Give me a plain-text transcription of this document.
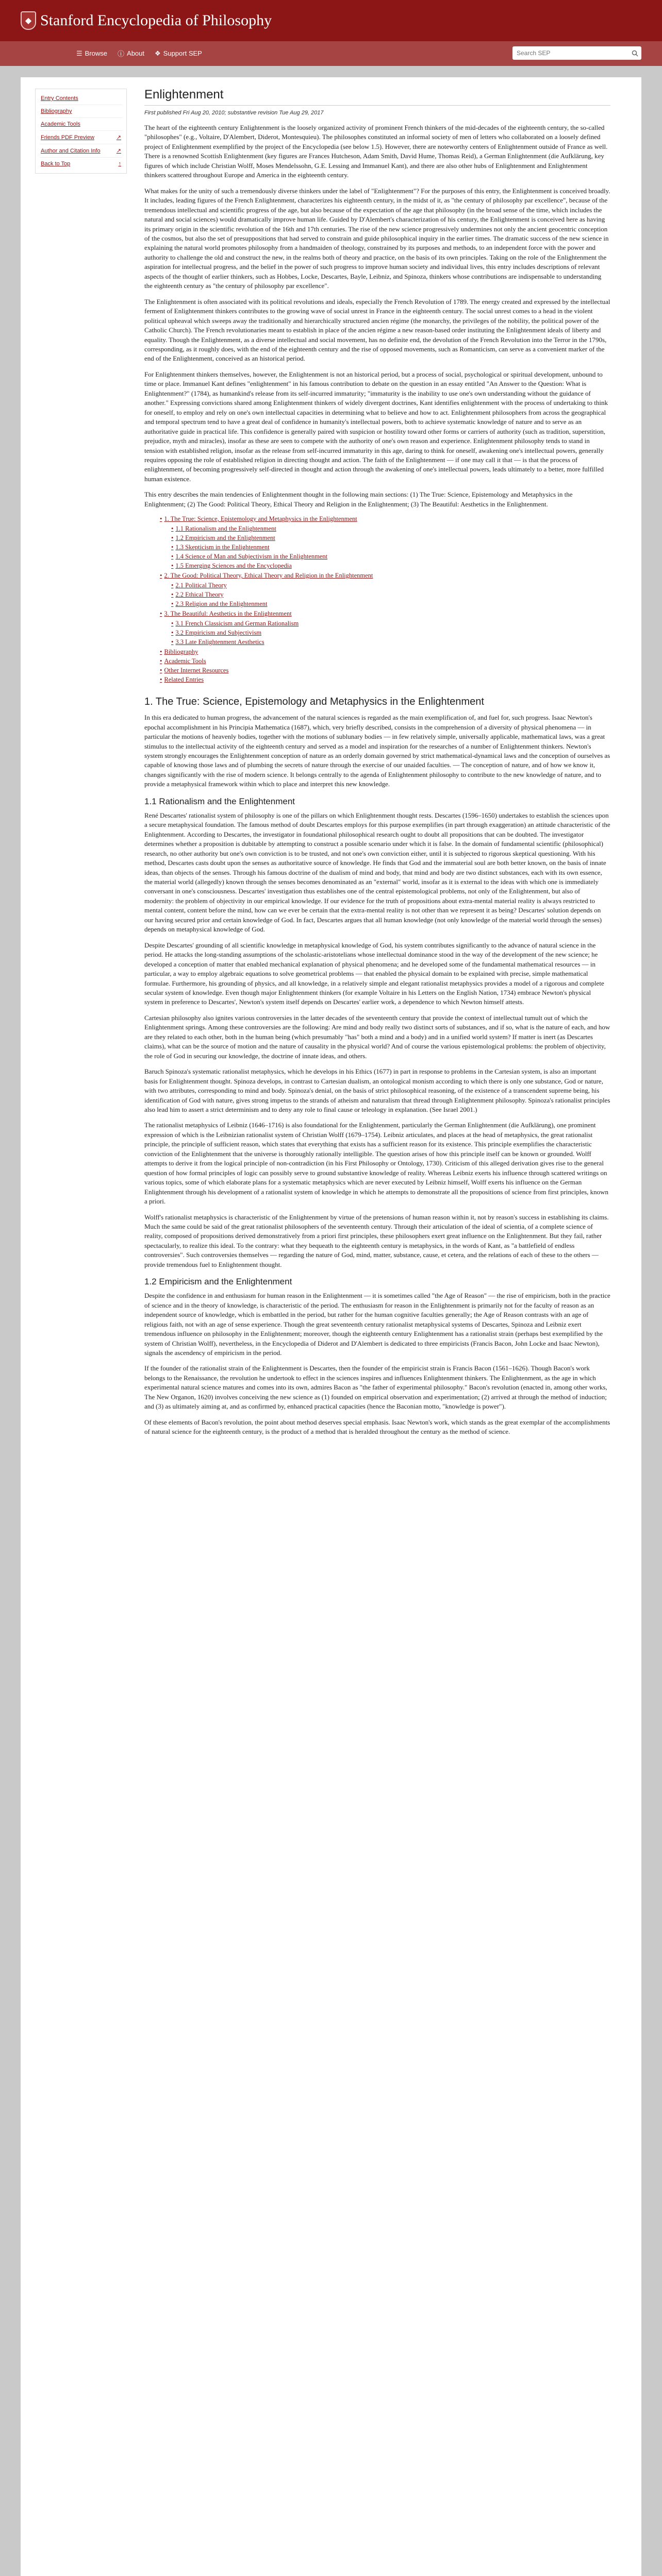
◆ Stanford Encyclopedia of Philosophy
☰ Browse ⓘ About ❖ Support SEP
Search SEP
Entry Contents
Bibliography
Academic Tools
Friends PDF Preview	↗
Author and Citation Info	↗
Back to Top	↑
Enlightenment
First published Fri Aug 20, 2010; substantive revision Tue Aug 29, 2017

The heart of the eighteenth century Enlightenment is the loosely organized activity of prominent French thinkers of the mid-decades of the eighteenth century, the so-called "philosophes" (e.g., Voltaire, D'Alembert, Diderot, Montesquieu). The philosophes constituted an informal society of men of letters who collaborated on a loosely defined project of Enlightenment exemplified by the project of the Encyclopedia (see below 1.5). However, there are noteworthy centers of Enlightenment outside of France as well. There is a renowned Scottish Enlightenment (key figures are Frances Hutcheson, Adam Smith, David Hume, Thomas Reid), a German Enlightenment (die Aufklärung, key figures of which include Christian Wolff, Moses Mendelssohn, G.E. Lessing and Immanuel Kant), and there are also other hubs of Enlightenment and Enlightenment thinkers scattered throughout Europe and America in the eighteenth century.

What makes for the unity of such a tremendously diverse thinkers under the label of "Enlightenment"? For the purposes of this entry, the Enlightenment is conceived broadly. It includes, leading figures of the French Enlightenment, characterizes his eighteenth century, in the midst of it, as "the century of philosophy par excellence", because of the tremendous intellectual and scientific progress of the age, but also because of the expectation of the age that philosophy (in the broad sense of the time, which includes the natural and social sciences) would dramatically improve human life. Guided by D'Alembert's characterization of his century, the Enlightenment is conceived here as having its primary origin in the scientific revolution of the 16th and 17th centuries. The rise of the new science progressively undermines not only the ancient geocentric conception of the cosmos, but also the set of presuppositions that had served to constrain and guide philosophical inquiry in the earlier times. The dramatic success of the new science in explaining the natural world promotes philosophy from a handmaiden of theology, constrained by its purposes and methods, to an independent force with the power and authority to challenge the old and construct the new, in the realms both of theory and practice, on the basis of its own principles. Taking on the role of the Enlightenment the aspiration for intellectual progress, and the belief in the power of such progress to improve human society and individual lives, this entry includes descriptions of relevant aspects of the thought of earlier thinkers, such as Hobbes, Locke, Descartes, Bayle, Leibniz, and Spinoza, thinkers whose contributions are indispensable to understanding the eighteenth century as "the century of philosophy par excellence".

The Enlightenment is often associated with its political revolutions and ideals, especially the French Revolution of 1789. The energy created and expressed by the intellectual ferment of Enlightenment thinkers contributes to the growing wave of social unrest in France in the eighteenth century. The social unrest comes to a head in the violent political upheaval which sweeps away the traditionally and hierarchically structured ancien régime (the monarchy, the privileges of the nobility, the political power of the Catholic Church). The French revolutionaries meant to establish in place of the ancien régime a new reason-based order instituting the Enlightenment ideals of liberty and equality. Though the Enlightenment, as a diverse intellectual and social movement, has no definite end, the devolution of the French Revolution into the Terror in the 1790s, corresponding, as it roughly does, with the end of the eighteenth century and the rise of opposed movements, such as Romanticism, can serve as a convenient marker of the end of the Enlightenment, conceived as an historical period.

For Enlightenment thinkers themselves, however, the Enlightenment is not an historical period, but a process of social, psychological or spiritual development, unbound to time or place. Immanuel Kant defines "enlightenment" in his famous contribution to debate on the question in an essay entitled "An Answer to the Question: What is Enlightenment?" (1784), as humankind's release from its self-incurred immaturity; "immaturity is the inability to use one's own understanding without the guidance of another." Expressing convictions shared among Enlightenment thinkers of widely divergent doctrines, Kant identifies enlightenment with the process of undertaking to think for oneself, to employ and rely on one's own intellectual capacities in determining what to believe and how to act. Enlightenment philosophers from across the geographical and temporal spectrum tend to have a great deal of confidence in humanity's intellectual powers, both to achieve systematic knowledge of nature and to serve as an authoritative guide in practical life. This confidence is generally paired with suspicion or hostility toward other forms or carriers of authority (such as tradition, superstition, prejudice, myth and miracles), insofar as these are seen to compete with the authority of one's own reason and experience. Enlightenment philosophy tends to stand in tension with established religion, insofar as the release from self-incurred immaturity in this age, daring to think for oneself, awakening one's intellectual powers, generally requires opposing the role of established religion in directing thought and action. The faith of the Enlightenment — if one may call it that — is that the process of enlightenment, of becoming progressively self-directed in thought and action through the awakening of one's intellectual powers, leads ultimately to a better, more fulfilled human existence.

This entry describes the main tendencies of Enlightenment thought in the following main sections: (1) The True: Science, Epistemology and Metaphysics in the Enlightenment; (2) The Good: Political Theory, Ethical Theory and Religion in the Enlightenment; (3) The Beautiful: Aesthetics in the Enlightenment.

• 1. The True: Science, Epistemology and Metaphysics in the Enlightenment
• 1.1 Rationalism and the Enlightenment
• 1.2 Empiricism and the Enlightenment
• 1.3 Skepticism in the Enlightenment
• 1.4 Science of Man and Subjectivism in the Enlightenment
• 1.5 Emerging Sciences and the Encyclopedia
• 2. The Good: Political Theory, Ethical Theory and Religion in the Enlightenment
• 2.1 Political Theory
• 2.2 Ethical Theory
• 2.3 Religion and the Enlightenment
• 3. The Beautiful: Aesthetics in the Enlightenment
• 3.1 French Classicism and German Rationalism
• 3.2 Empiricism and Subjectivism
• 3.3 Late Enlightenment Aesthetics
• Bibliography
• Academic Tools
• Other Internet Resources
• Related Entries
1. The True: Science, Epistemology and Metaphysics in the Enlightenment

In this era dedicated to human progress, the advancement of the natural sciences is regarded as the main exemplification of, and fuel for, such progress. Isaac Newton's epochal accomplishment in his Principia Mathematica (1687), which, very briefly described, consists in the comprehension of a diversity of physical phenomena — in particular the motions of heavenly bodies, together with the motions of sublunary bodies — in few relatively simple, universally applicable, mathematical laws, was a great stimulus to the intellectual activity of the eighteenth century and served as a model and inspiration for the researches of a number of Enlightenment thinkers. Newton's system strongly encourages the Enlightenment conception of nature as an orderly domain governed by strict mathematical-dynamical laws and the conception of ourselves as capable of knowing those laws and of plumbing the secrets of nature through the exercise of our unaided faculties. — The conception of nature, and of how we know it, changes significantly with the rise of modern science. It belongs centrally to the agenda of Enlightenment philosophy to contribute to the new knowledge of nature, and to provide a metaphysical framework within which to place and interpret this new knowledge.

1.1 Rationalism and the Enlightenment

René Descartes' rationalist system of philosophy is one of the pillars on which Enlightenment thought rests. Descartes (1596–1650) undertakes to establish the sciences upon a secure metaphysical foundation. The famous method of doubt Descartes employs for this purpose exemplifies (in part through exaggeration) an attitude characteristic of the Enlightenment. According to Descartes, the investigator in foundational philosophical research ought to doubt all propositions that can be doubted. The investigator determines whether a proposition is dubitable by attempting to construct a possible scenario under which it is false. In the domain of fundamental scientific (philosophical) research, no other authority but one's own conviction is to be trusted, and not one's own conviction either, until it is subjected to rigorous skeptical questioning. With his method, Descartes casts doubt upon the senses as authoritative source of knowledge. He finds that God and the immaterial soul are both better known, on the basis of innate ideas, than objects of the senses. Through his famous doctrine of the dualism of mind and body, that mind and body are two distinct substances, each with its own essence, the material world (allegedly) known through the senses becomes denominated as an "external" world, insofar as it is external to the ideas with which one is immediately conversant in one's consciousness. Descartes' investigation thus establishes one of the central epistemological problems, not only of the Enlightenment, but also of modernity: the problem of objectivity in our empirical knowledge. If our evidence for the truth of propositions about extra-mental material reality is always restricted to mental content, content before the mind, how can we ever be certain that the extra-mental reality is not other than we represent it as being? Descartes' solution depends on our having secured prior and certain knowledge of God. In fact, Descartes argues that all human knowledge (not only knowledge of the material world through the senses) depends on metaphysical knowledge of God.

Despite Descartes' grounding of all scientific knowledge in metaphysical knowledge of God, his system contributes significantly to the advance of natural science in the period. He attacks the long-standing assumptions of the scholastic-aristotelians whose intellectual dominance stood in the way of the development of the new science; he developed a conception of matter that enabled mechanical explanation of physical phenomena; and he developed some of the fundamental mathematical resources — in particular, a way to employ algebraic equations to solve geometrical problems — that enabled the physical domain to be explained with precise, simple mathematical formulae. Furthermore, his grounding of physics, and all knowledge, in a relatively simple and elegant rationalist metaphysics provides a model of a rigorous and complete secular system of knowledge. Even though major Enlightenment thinkers (for example Voltaire in his Letters on the English Nation, 1734) embrace Newton's physical system in preference to Descartes', Newton's system itself depends on Descartes' earlier work, a dependence to which Newton himself attests.

Cartesian philosophy also ignites various controversies in the latter decades of the seventeenth century that provide the context of intellectual tumult out of which the Enlightenment springs. Among these controversies are the following: Are mind and body really two distinct sorts of substances, and if so, what is the nature of each, and how are they related to each other, both in the human being (which presumably "has" both a mind and a body) and in a unified world system? If matter is inert (as Descartes claims), what can be the source of motion and the nature of causality in the physical world? And of course the various epistemological problems: the problem of objectivity, the role of God in securing our knowledge, the doctrine of innate ideas, and others.

Baruch Spinoza's systematic rationalist metaphysics, which he develops in his Ethics (1677) in part in response to problems in the Cartesian system, is also an important basis for Enlightenment thought. Spinoza develops, in contrast to Cartesian dualism, an ontological monism according to which there is only one substance, God or nature, with two attributes, corresponding to mind and body. Spinoza's denial, on the basis of strict philosophical reasoning, of the existence of a transcendent supreme being, his identification of God with nature, gives strong impetus to the strands of atheism and naturalism that thread through Enlightenment philosophy. Spinoza's rationalist principles also lead him to assert a strict determinism and to deny any role to final cause or teleology in explanation. (See Israel 2001.)

The rationalist metaphysics of Leibniz (1646–1716) is also foundational for the Enlightenment, particularly the German Enlightenment (die Aufklärung), one prominent expression of which is the Leibnizian rationalist system of Christian Wolff (1679–1754). Leibniz articulates, and places at the head of metaphysics, the great rationalist principle, the principle of sufficient reason, which states that everything that exists has a sufficient reason for its existence. This principle exemplifies the characteristic conviction of the Enlightenment that the universe is thoroughly rationally intelligible. The question arises of how this principle itself can be known or grounded. Wolff attempts to derive it from the logical principle of non-contradiction (in his First Philosophy or Ontology, 1730). Criticism of this alleged derivation gives rise to the general question of how formal principles of logic can possibly serve to ground substantive knowledge of reality. Whereas Leibniz exerts his influence through scattered writings on various topics, some of which elaborate plans for a systematic metaphysics which are never executed by Leibniz himself, Wolff exerts his influence on the German Enlightenment through his development of a rationalist system of knowledge in which he attempts to demonstrate all the propositions of science from first principles, known a priori.

Wolff's rationalist metaphysics is characteristic of the Enlightenment by virtue of the pretensions of human reason within it, not by reason's success in establishing its claims. Much the same could be said of the great rationalist philosophers of the seventeenth century. Through their articulation of the ideal of scientia, of a complete science of reality, composed of propositions derived demonstratively from a priori first principles, these philosophers exert great influence on the Enlightenment. But they fail, rather spectacularly, to realize this ideal. To the contrary: what they bequeath to the eighteenth century is metaphysics, in the words of Kant, as "a battlefield of endless controversies". Such controversies themselves — regarding the nature of God, mind, matter, substance, cause, et cetera, and the relations of each of these to the others — provide tremendous fuel to Enlightenment thought.

1.2 Empiricism and the Enlightenment

Despite the confidence in and enthusiasm for human reason in the Enlightenment — it is sometimes called "the Age of Reason" — the rise of empiricism, both in the practice of science and in the theory of knowledge, is characteristic of the period. The enthusiasm for reason in the Enlightenment is primarily not for the faculty of reason as an independent source of knowledge, which is embattled in the period, but rather for the human cognitive faculties generally; the Age of Reason contrasts with an age of religious faith, not with an age of sense experience. Though the great seventeenth century rationalist metaphysical systems of Descartes, Spinoza and Leibniz exert tremendous influence on philosophy in the Enlightenment; moreover, though the eighteenth century Enlightenment has a rationalist strain (perhaps best exemplified by the system of Christian Wolff), nevertheless, in the Encyclopedia of Diderot and D'Alembert is dedicated to three empiricists (Francis Bacon, John Locke and Isaac Newton), signals the ascendency of empiricism in the period.

If the founder of the rationalist strain of the Enlightenment is Descartes, then the founder of the empiricist strain is Francis Bacon (1561–1626). Though Bacon's work belongs to the Renaissance, the revolution he undertook to effect in the sciences inspires and influences Enlightenment thinkers. The Enlightenment, as the age in which experimental natural science matures and comes into its own, admires Bacon as "the father of experimental philosophy." Bacon's revolution (enacted in, among other works, The New Organon, 1620) involves conceiving the new science as (1) founded on empirical observation and experimentation; (2) arrived at through the method of induction; and (3) as ultimately aiming at, and as confirmed by, enhanced practical capacities (hence the Baconian motto, "knowledge is power").

Of these elements of Bacon's revolution, the point about method deserves special emphasis. Isaac Newton's work, which stands as the great exemplar of the accomplishments of natural science for the eighteenth century, is the product of a method that is heralded throughout the century as the method of science.
